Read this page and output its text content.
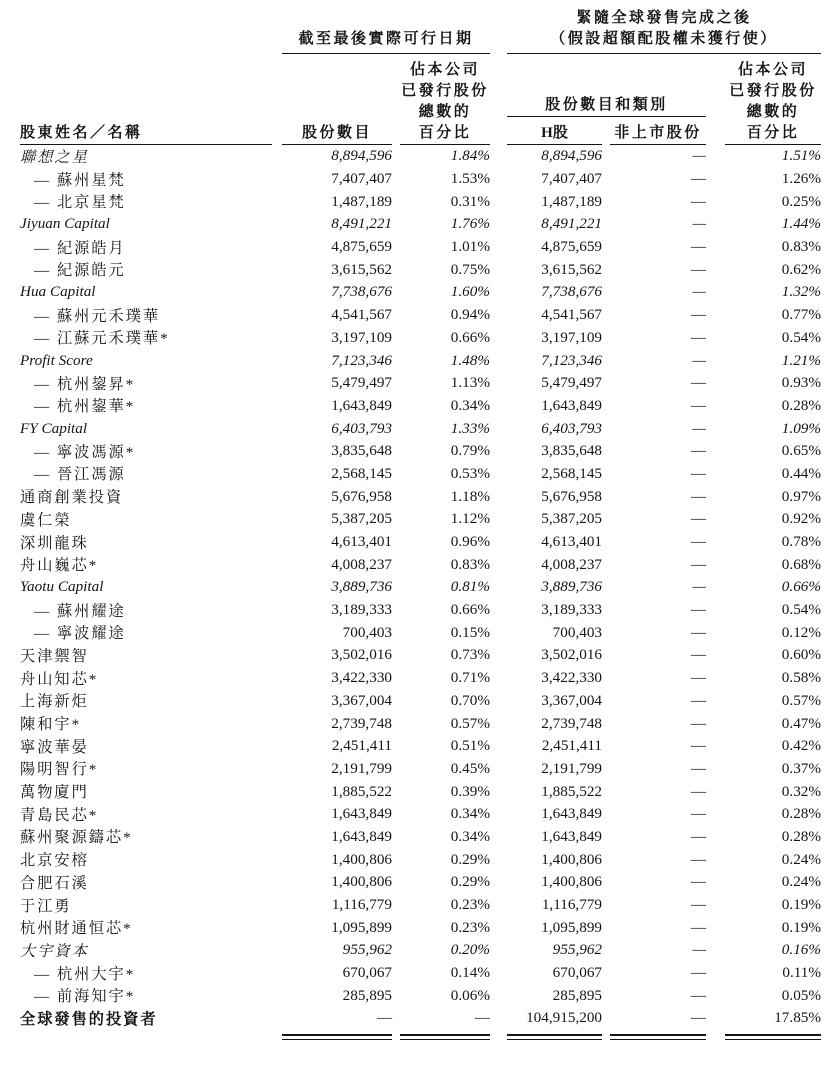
	截至最後實際可行日期		緊隨全球發售完成之後
（假設超額配股權未獲行使）		

股東姓名／名稱	股份數目

佔本公司
已發行股份
總數的
百分比

股份數目和類別
H股	非上市股份

佔本公司
已發行股份
總數的
百分比

聯想之星	8,894,596	1.84%	8,894,596	—	1.51%
— 蘇州星梵	7,407,407	1.53%	7,407,407	—	1.26%
— 北京星梵	1,487,189	0.31%	1,487,189	—	0.25%
Jiyuan Capital	8,491,221	1.76%	8,491,221	—	1.44%
— 紀源皓月	4,875,659	1.01%	4,875,659	—	0.83%
— 紀源皓元	3,615,562	0.75%	3,615,562	—	0.62%
Hua Capital	7,738,676	1.60%	7,738,676	—	1.32%
— 蘇州元禾璞華	4,541,567	0.94%	4,541,567	—	0.77%
— 江蘇元禾璞華*	3,197,109	0.66%	3,197,109	—	0.54%
Profit Score	7,123,346	1.48%	7,123,346	—	1.21%
— 杭州鋆昇*	5,479,497	1.13%	5,479,497	—	0.93%
— 杭州鋆華*	1,643,849	0.34%	1,643,849	—	0.28%
FY Capital	6,403,793	1.33%	6,403,793	—	1.09%
— 寧波馮源*	3,835,648	0.79%	3,835,648	—	0.65%
— 晉江馮源	2,568,145	0.53%	2,568,145	—	0.44%
通商創業投資	5,676,958	1.18%	5,676,958	—	0.97%
虞仁榮	5,387,205	1.12%	5,387,205	—	0.92%
深圳龍珠	4,613,401	0.96%	4,613,401	—	0.78%
舟山巍芯*	4,008,237	0.83%	4,008,237	—	0.68%
Yaotu Capital	3,889,736	0.81%	3,889,736	—	0.66%
— 蘇州耀途	3,189,333	0.66%	3,189,333	—	0.54%
— 寧波耀途	700,403	0.15%	700,403	—	0.12%
天津禦智	3,502,016	0.73%	3,502,016	—	0.60%
舟山知芯*	3,422,330	0.71%	3,422,330	—	0.58%
上海新炬	3,367,004	0.70%	3,367,004	—	0.57%
陳和宇*	2,739,748	0.57%	2,739,748	—	0.47%
寧波華晏	2,451,411	0.51%	2,451,411	—	0.42%
陽明智行*	2,191,799	0.45%	2,191,799	—	0.37%
萬物廈門	1,885,522	0.39%	1,885,522	—	0.32%
青島民芯*	1,643,849	0.34%	1,643,849	—	0.28%
蘇州聚源鑄芯*	1,643,849	0.34%	1,643,849	—	0.28%
北京安榕	1,400,806	0.29%	1,400,806	—	0.24%
合肥石溪	1,400,806	0.29%	1,400,806	—	0.24%
于江勇	1,116,779	0.23%	1,116,779	—	0.19%
杭州財通恒芯*	1,095,899	0.23%	1,095,899	—	0.19%
大宇資本	955,962	0.20%	955,962	—	0.16%
— 杭州大宇*	670,067	0.14%	670,067	—	0.11%
— 前海知宇*	285,895	0.06%	285,895	—	0.05%
全球發售的投資者	—	—	104,915,200	—	17.85%
